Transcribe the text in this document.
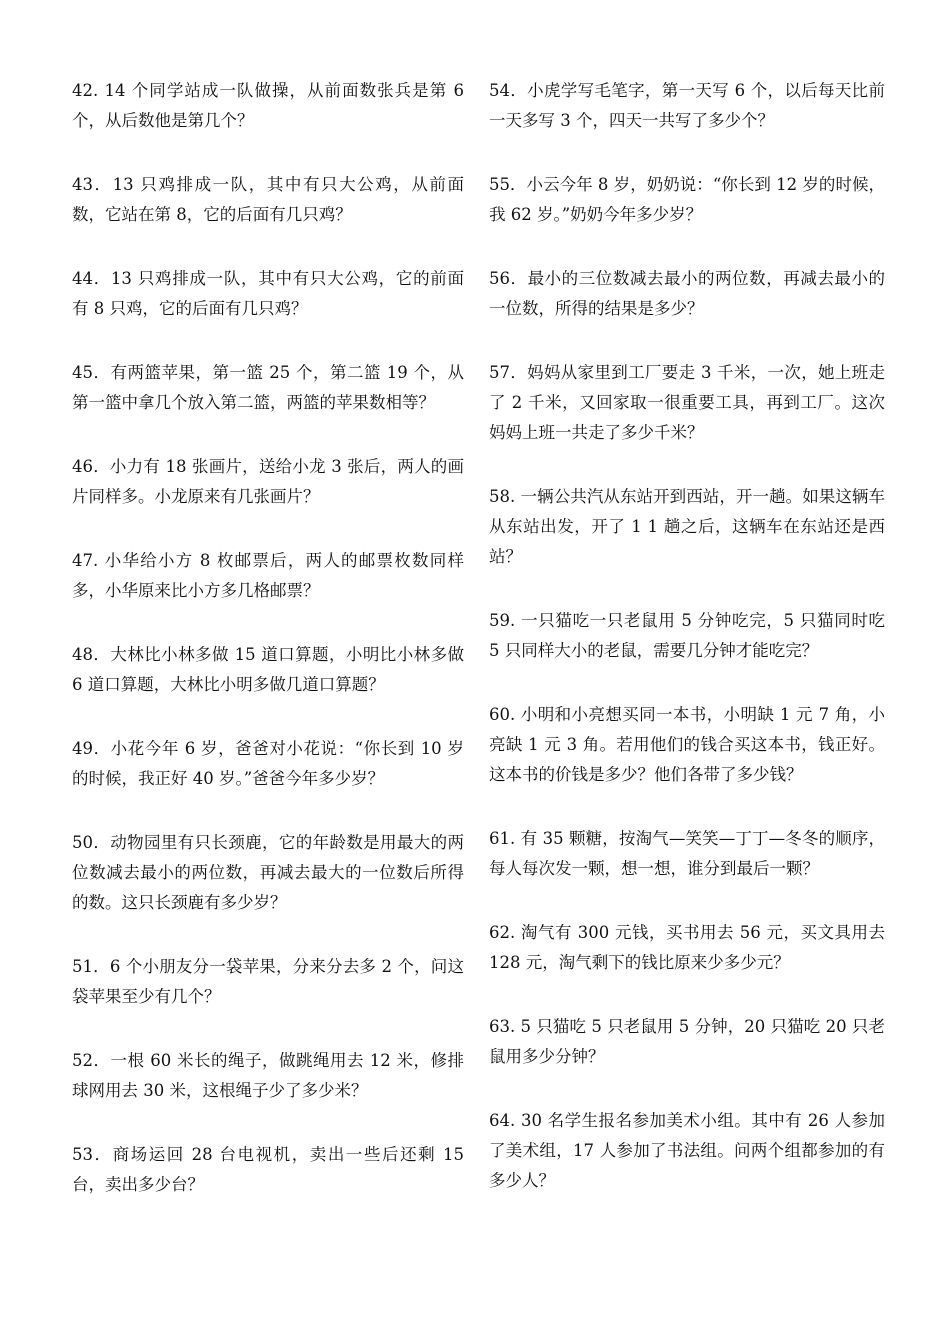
42. 14 个同学站成一队做操，从前面数张兵是第 6 个，从后数他是第几个？

43．13 只鸡排成一队，其中有只大公鸡，从前面数，它站在第 8，它的后面有几只鸡？

44．13 只鸡排成一队，其中有只大公鸡，它的前面有 8 只鸡，它的后面有几只鸡？

45．有两篮苹果，第一篮 25 个，第二篮 19 个，从第一篮中拿几个放入第二篮，两篮的苹果数相等？

46．小力有 18 张画片，送给小龙 3 张后，两人的画片同样多。小龙原来有几张画片？

47. 小华给小方 8 枚邮票后，两人的邮票枚数同样多，小华原来比小方多几格邮票？

48．大林比小林多做 15 道口算题，小明比小林多做 6 道口算题，大林比小明多做几道口算题？

49．小花今年 6 岁，爸爸对小花说：“你长到 10 岁的时候，我正好 40 岁。”爸爸今年多少岁？

50．动物园里有只长颈鹿，它的年龄数是用最大的两位数减去最小的两位数，再减去最大的一位数后所得的数。这只长颈鹿有多少岁？

51．6 个小朋友分一袋苹果，分来分去多 2 个，问这袋苹果至少有几个？

52．一根 60 米长的绳子，做跳绳用去 12 米，修排球网用去 30 米，这根绳子少了多少米？

53．商场运回 28 台电视机，卖出一些后还剩 15 台，卖出多少台？

54．小虎学写毛笔字，第一天写 6 个，以后每天比前一天多写 3 个，四天一共写了多少个？

55．小云今年 8 岁，奶奶说：“你长到 12 岁的时候，我 62 岁。”奶奶今年多少岁？

56．最小的三位数减去最小的两位数，再减去最小的一位数，所得的结果是多少？

57．妈妈从家里到工厂要走 3 千米，一次，她上班走了 2 千米，又回家取一很重要工具，再到工厂。这次妈妈上班一共走了多少千米？

58. 一辆公共汽从东站开到西站，开一趟。如果这辆车从东站出发，开了 1 1 趟之后，这辆车在东站还是西站？

59. 一只猫吃一只老鼠用 5 分钟吃完，5 只猫同时吃 5 只同样大小的老鼠，需要几分钟才能吃完？

60. 小明和小亮想买同一本书，小明缺 1 元 7 角，小亮缺 1 元 3 角。若用他们的钱合买这本书，钱正好。这本书的价钱是多少？他们各带了多少钱？

61. 有 35 颗糖，按淘气—笑笑—丁丁—冬冬的顺序，每人每次发一颗，想一想，谁分到最后一颗？

62. 淘气有 300 元钱，买书用去 56 元，买文具用去 128 元，淘气剩下的钱比原来少多少元？

63. 5 只猫吃 5 只老鼠用 5 分钟，20 只猫吃 20 只老鼠用多少分钟？

64. 30 名学生报名参加美术小组。其中有 26 人参加了美术组，17 人参加了书法组。问两个组都参加的有多少人？
